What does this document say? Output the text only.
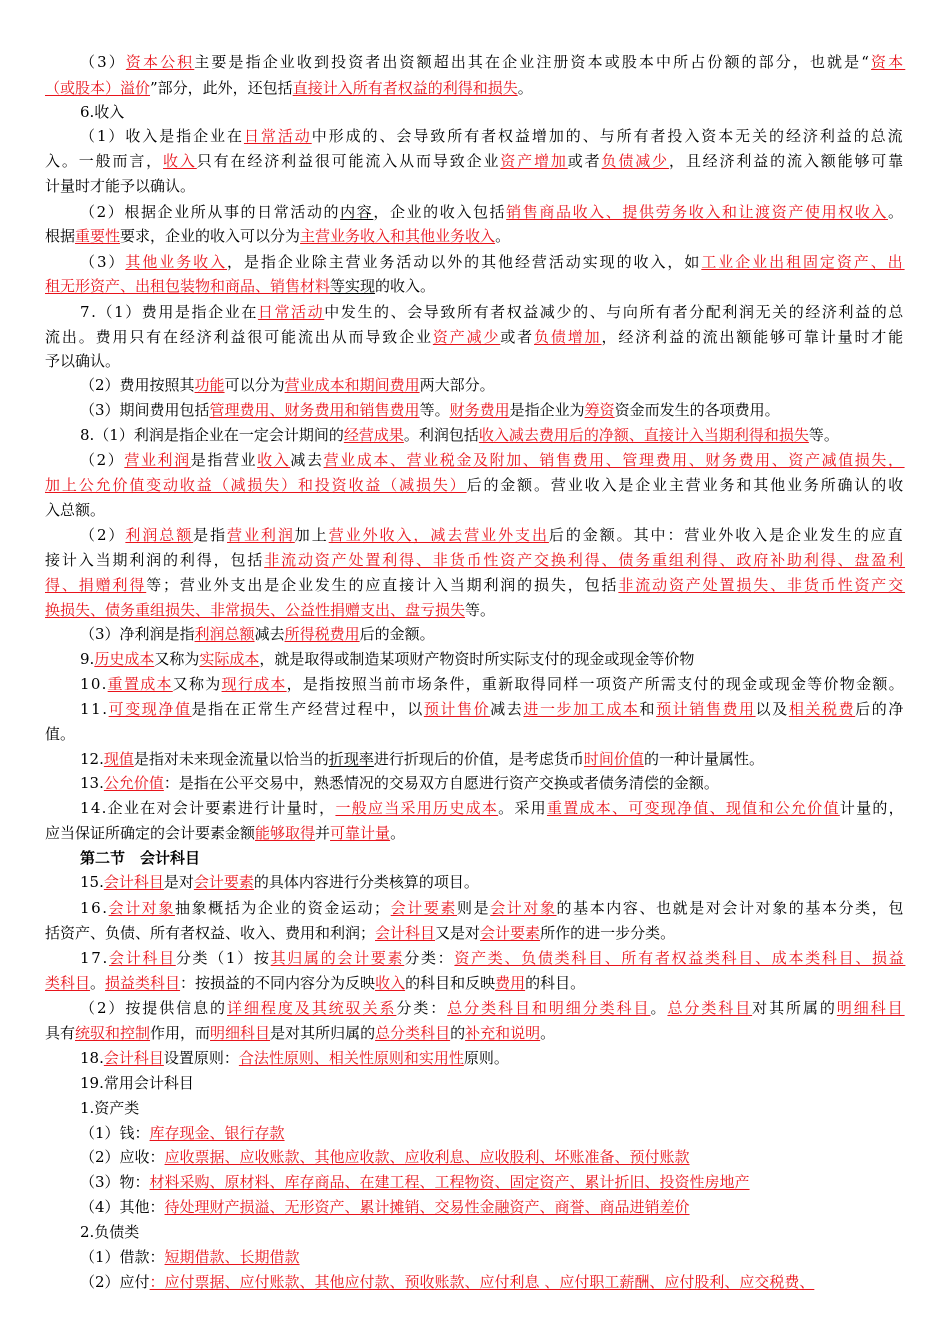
（3）资本公积主要是指企业收到投资者出资额超出其在企业注册资本或股本中所占份额的部分，也就是“资本
（或股本）溢价”部分，此外，还包括直接计入所有者权益的利得和损失。
6.收入
（1）收入是指企业在日常活动中形成的、会导致所有者权益增加的、与所有者投入资本无关的经济利益的总流
入。一般而言，收入只有在经济利益很可能流入从而导致企业资产增加或者负债减少，且经济利益的流入额能够可靠
计量时才能予以确认。
（2）根据企业所从事的日常活动的内容，企业的收入包括销售商品收入、提供劳务收入和让渡资产使用权收入。
根据重要性要求，企业的收入可以分为主营业务收入和其他业务收入。
（3）其他业务收入，是指企业除主营业务活动以外的其他经营活动实现的收入，如工业企业出租固定资产、出
租无形资产、出租包装物和商品、销售材料等实现的收入。
7.（1）费用是指企业在日常活动中发生的、会导致所有者权益减少的、与向所有者分配利润无关的经济利益的总
流出。费用只有在经济利益很可能流出从而导致企业资产减少或者负债增加，经济利益的流出额能够可靠计量时才能
予以确认。
（2）费用按照其功能可以分为营业成本和期间费用两大部分。
（3）期间费用包括管理费用、财务费用和销售费用等。财务费用是指企业为筹资资金而发生的各项费用。
8.（1）利润是指企业在一定会计期间的经营成果。利润包括收入减去费用后的净额、直接计入当期利得和损失等。
（2）营业利润是指营业收入减去营业成本、营业税金及附加、销售费用、管理费用、财务费用、资产减值损失，
加上公允价值变动收益（减损失）和投资收益（减损失）后的金额。营业收入是企业主营业务和其他业务所确认的收
入总额。
（2）利润总额是指营业利润加上营业外收入，减去营业外支出后的金额。其中：营业外收入是企业发生的应直
接计入当期利润的利得，包括非流动资产处置利得、非货币性资产交换利得、债务重组利得、政府补助利得、盘盈利
得、捐赠利得等；营业外支出是企业发生的应直接计入当期利润的损失，包括非流动资产处置损失、非货币性资产交
换损失、债务重组损失、非常损失、公益性捐赠支出、盘亏损失等。
（3）净利润是指利润总额减去所得税费用后的金额。
9.历史成本又称为实际成本，就是取得或制造某项财产物资时所实际支付的现金或现金等价物
10.重置成本又称为现行成本，是指按照当前市场条件，重新取得同样一项资产所需支付的现金或现金等价物金额。
11.可变现净值是指在正常生产经营过程中，以预计售价减去进一步加工成本和预计销售费用以及相关税费后的净
值。
12.现值是指对未来现金流量以恰当的折现率进行折现后的价值，是考虑货币时间价值的一种计量属性。
13.公允价值：是指在公平交易中，熟悉情况的交易双方自愿进行资产交换或者债务清偿的金额。
14.企业在对会计要素进行计量时，一般应当采用历史成本。采用重置成本、可变现净值、现值和公允价值计量的，
应当保证所确定的会计要素金额能够取得并可靠计量。
第二节　会计科目
15.会计科目是对会计要素的具体内容进行分类核算的项目。
16.会计对象抽象概括为企业的资金运动；会计要素则是会计对象的基本内容、也就是对会计对象的基本分类，包
括资产、负债、所有者权益、收入、费用和利润；会计科目又是对会计要素所作的进一步分类。
17.会计科目分类（1）按其归属的会计要素分类：资产类、负债类科目、所有者权益类科目、成本类科目、损益
类科目。损益类科目：按损益的不同内容分为反映收入的科目和反映费用的科目。
（2）按提供信息的详细程度及其统驭关系分类：总分类科目和明细分类科目。总分类科目对其所属的明细科目
具有统驭和控制作用，而明细科目是对其所归属的总分类科目的补充和说明。
18.会计科目设置原则：合法性原则、相关性原则和实用性原则。
19.常用会计科目
1.资产类
（1）钱：库存现金、银行存款
（2）应收：应收票据、应收账款、其他应收款、应收利息、应收股利、坏账准备、预付账款
（3）物：材料采购、原材料、库存商品、在建工程、工程物资、固定资产、累计折旧、投资性房地产
（4）其他：待处理财产损溢、无形资产、累计摊销、交易性金融资产、商誉、商品进销差价
2.负债类
（1）借款：短期借款、长期借款
（2）应付：应付票据、应付账款、其他应付款、预收账款、应付利息 、应付职工薪酬、应付股利、应交税费、
